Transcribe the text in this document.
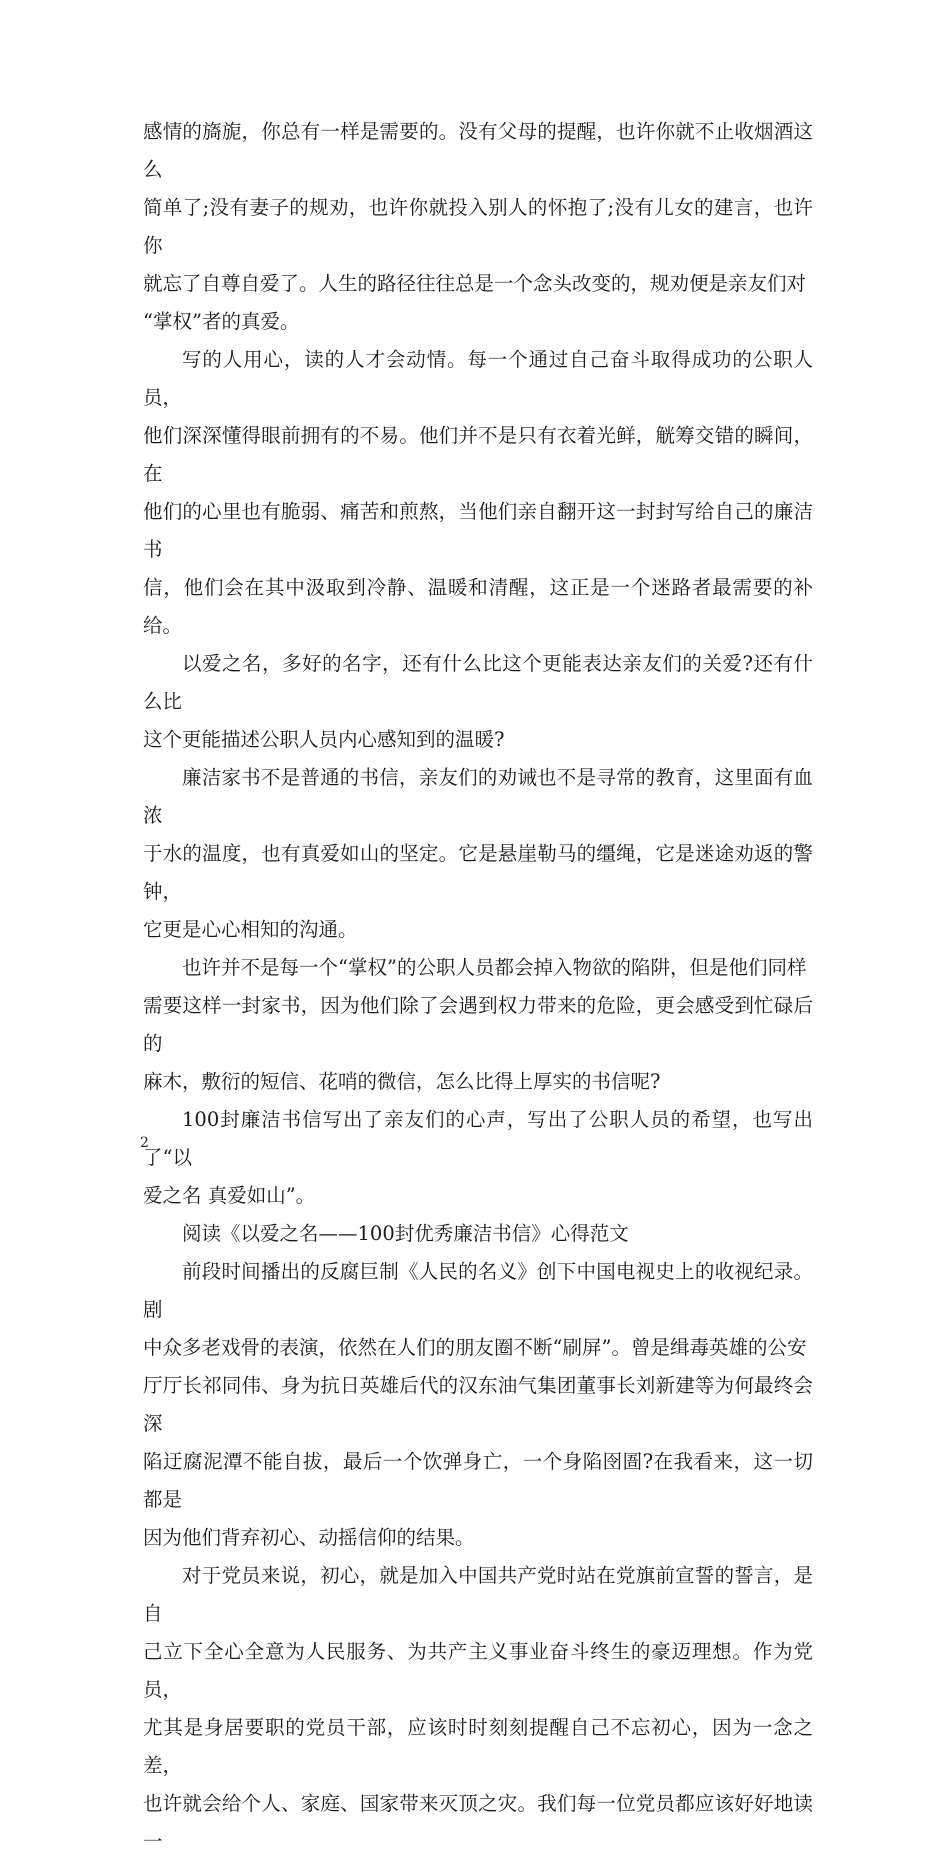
感情的旖旎，你总有一样是需要的。没有父母的提醒，也许你就不止收烟酒这么
简单了;没有妻子的规劝，也许你就投入别人的怀抱了;没有儿女的建言，也许你
就忘了自尊自爱了。人生的路径往往总是一个念头改变的，规劝便是亲友们对
“掌权”者的真爱。

写的人用心，读的人才会动情。每一个通过自己奋斗取得成功的公职人员，
他们深深懂得眼前拥有的不易。他们并不是只有衣着光鲜，觥筹交错的瞬间，在
他们的心里也有脆弱、痛苦和煎熬，当他们亲自翻开这一封封写给自己的廉洁书
信，他们会在其中汲取到冷静、温暖和清醒，这正是一个迷路者最需要的补给。

以爱之名，多好的名字，还有什么比这个更能表达亲友们的关爱?还有什么比
这个更能描述公职人员内心感知到的温暖?

廉洁家书不是普通的书信，亲友们的劝诫也不是寻常的教育，这里面有血浓
于水的温度，也有真爱如山的坚定。它是悬崖勒马的缰绳，它是迷途劝返的警钟，
它更是心心相知的沟通。

也许并不是每一个“掌权”的公职人员都会掉入物欲的陷阱，但是他们同样
需要这样一封家书，因为他们除了会遇到权力带来的危险，更会感受到忙碌后的
麻木，敷衍的短信、花哨的微信，怎么比得上厚实的书信呢?

100封廉洁书信写出了亲友们的心声，写出了公职人员的希望，也写出了“以
爱之名 真爱如山”。

阅读《以爱之名——100封优秀廉洁书信》心得范文

前段时间播出的反腐巨制《人民的名义》创下中国电视史上的收视纪录。剧
中众多老戏骨的表演，依然在人们的朋友圈不断“刷屏”。曾是缉毒英雄的公安
厅厅长祁同伟、身为抗日英雄后代的汉东油气集团董事长刘新建等为何最终会深
陷迂腐泥潭不能自拔，最后一个饮弹身亡，一个身陷囹圄?在我看来，这一切都是
因为他们背弃初心、动摇信仰的结果。

对于党员来说，初心，就是加入中国共产党时站在党旗前宣誓的誓言，是自
己立下全心全意为人民服务、为共产主义事业奋斗终生的豪迈理想。作为党员，
尤其是身居要职的党员干部，应该时时刻刻提醒自己不忘初心，因为一念之差，
也许就会给个人、家庭、国家带来灭顶之灾。我们每一位党员都应该好好地读一

2
